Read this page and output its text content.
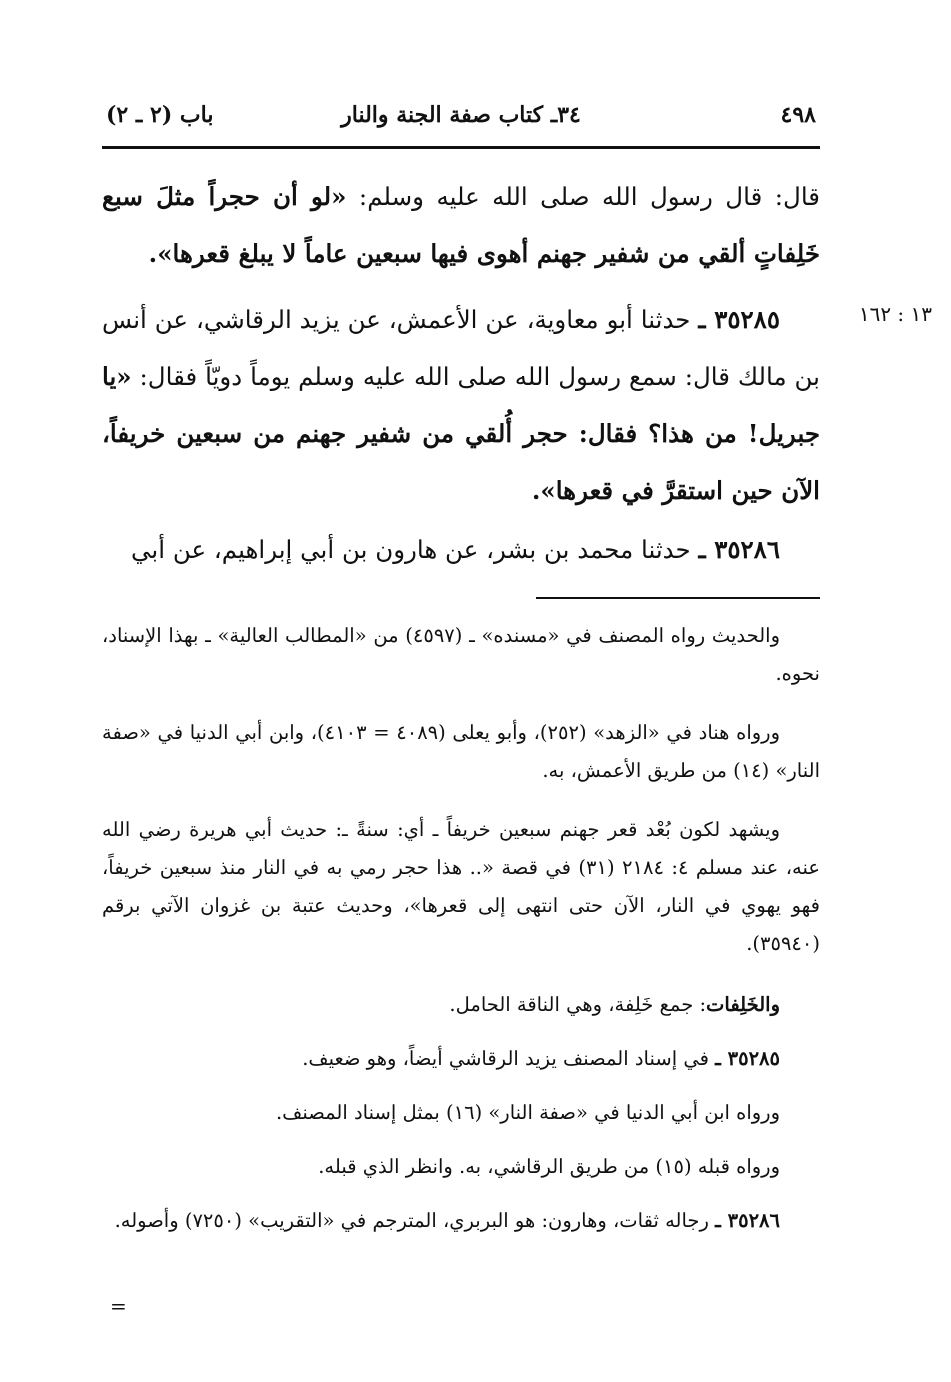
٤٩٨
٣٤ـ كتاب صفة الجنة والنار
باب (٢ ـ ٢)
قال: قال رسول الله صلى الله عليه وسلم: «لو أن حجراً مثلَ سبع خَلِفاتٍ ألقي من شفير جهنم أهوى فيها سبعين عاماً لا يبلغ قعرها».
١٣ : ١٦٢
٣٥٢٨٥ ـ حدثنا أبو معاوية، عن الأعمش، عن يزيد الرقاشي، عن أنس بن مالك قال: سمع رسول الله صلى الله عليه وسلم يوماً دويّاً فقال: «يا جبريل! من هذا؟ فقال: حجر أُلقي من شفير جهنم من سبعين خريفاً، الآن حين استقرَّ في قعرها».
٣٥٢٨٦ ـ حدثنا محمد بن بشر، عن هارون بن أبي إبراهيم، عن أبي

والحديث رواه المصنف في «مسنده» ـ (٤٥٩٧) من «المطالب العالية» ـ بهذا الإسناد، نحوه.

ورواه هناد في «الزهد» (٢٥٢)، وأبو يعلى (٤٠٨٩ = ٤١٠٣)، وابن أبي الدنيا في «صفة النار» (١٤) من طريق الأعمش، به.

ويشهد لكون بُعْد قعر جهنم سبعين خريفاً ـ أي: سنةً ـ: حديث أبي هريرة رضي الله عنه، عند مسلم ٤: ٢١٨٤ (٣١) في قصة «.. هذا حجر رمي به في النار منذ سبعين خريفاً، فهو يهوي في النار، الآن حتى انتهى إلى قعرها»، وحديث عتبة بن غزوان الآتي برقم (٣٥٩٤٠).

والخَلِفات: جمع خَلِفة، وهي الناقة الحامل.

٣٥٢٨٥ ـ في إسناد المصنف يزيد الرقاشي أيضاً، وهو ضعيف.

ورواه ابن أبي الدنيا في «صفة النار» (١٦) بمثل إسناد المصنف.

ورواه قبله (١٥) من طريق الرقاشي، به. وانظر الذي قبله.

٣٥٢٨٦ ـ رجاله ثقات، وهارون: هو البربري، المترجم في «التقريب» (٧٢٥٠) وأصوله.

=
